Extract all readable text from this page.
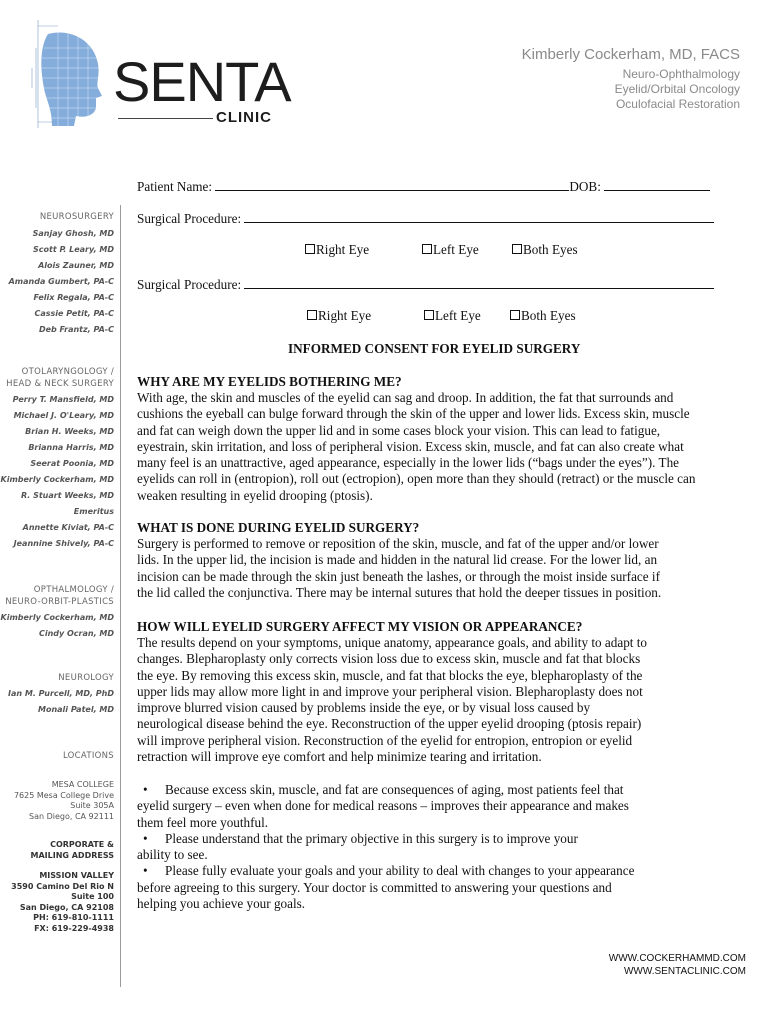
SENTA
CLINIC
Kimberly Cockerham, MD, FACS
Neuro-Ophthalmology
Eyelid/Orbital Oncology
Oculofacial Restoration
NEUROSURGERY
Sanjay Ghosh, MD
Scott P. Leary, MD
Alois Zauner, MD
Amanda Gumbert, PA-C
Felix Regala, PA-C
Cassie Petit, PA-C
Deb Frantz, PA-C
OTOLARYNGOLOGY /
HEAD & NECK SURGERY
Perry T. Mansfield, MD
Michael J. O'Leary, MD
Brian H. Weeks, MD
Brianna Harris, MD
Seerat Poonia, MD
Kimberly Cockerham, MD
R. Stuart Weeks, MD
Emeritus
Annette Kiviat, PA-C
Jeannine Shively, PA-C
OPTHALMOLOGY /
NEURO-ORBIT-PLASTICS
Kimberly Cockerham, MD
Cindy Ocran, MD
NEUROLOGY
Ian M. Purcell, MD, PhD
Monali Patel, MD
LOCATIONS
MESA COLLEGE
7625 Mesa College Drive
Suite 305A
San Diego, CA 92111
CORPORATE &
MAILING ADDRESS
MISSION VALLEY
3590 Camino Del Rio N
Suite 100
San Diego, CA 92108
PH: 619-810-1111
FX: 619-229-4938
Patient Name:	DOB:
Surgical Procedure:
Right Eye	Left Eye	Both Eyes
Surgical Procedure:
Right Eye	Left Eye	Both Eyes
INFORMED CONSENT FOR EYELID SURGERY
WHY ARE MY EYELIDS BOTHERING ME?
With age, the skin and muscles of the eyelid can sag and droop. In addition, the fat that surrounds and
cushions the eyeball can bulge forward through the skin of the upper and lower lids. Excess skin, muscle
and fat can weigh down the upper lid and in some cases block your vision. This can lead to fatigue,
eyestrain, skin irritation, and loss of peripheral vision. Excess skin, muscle, and fat can also create what
many feel is an unattractive, aged appearance, especially in the lower lids (“bags under the eyes”). The
eyelids can roll in (entropion), roll out (ectropion), open more than they should (retract) or the muscle can
weaken resulting in eyelid drooping (ptosis).
WHAT IS DONE DURING EYELID SURGERY?
Surgery is performed to remove or reposition of the skin, muscle, and fat of the upper and/or lower
lids. In the upper lid, the incision is made and hidden in the natural lid crease. For the lower lid, an
incision can be made through the skin just beneath the lashes, or through the moist inside surface if
the lid called the conjunctiva. There may be internal sutures that hold the deeper tissues in position.
HOW WILL EYELID SURGERY AFFECT MY VISION OR APPEARANCE?
The results depend on your symptoms, unique anatomy, appearance goals, and ability to adapt to
changes. Blepharoplasty only corrects vision loss due to excess skin, muscle and fat that blocks
the eye. By removing this excess skin, muscle, and fat that blocks the eye, blepharoplasty of the
upper lids may allow more light in and improve your peripheral vision. Blepharoplasty does not
improve blurred vision caused by problems inside the eye, or by visual loss caused by
neurological disease behind the eye. Reconstruction of the upper eyelid drooping (ptosis repair)
will improve peripheral vision. Reconstruction of the eyelid for entropion, entropion or eyelid
retraction will improve eye comfort and help minimize tearing and irritation.
• Because excess skin, muscle, and fat are consequences of aging, most patients feel that
eyelid surgery – even when done for medical reasons – improves their appearance and makes
them feel more youthful.
• Please understand that the primary objective in this surgery is to improve your
ability to see.
• Please fully evaluate your goals and your ability to deal with changes to your appearance
before agreeing to this surgery. Your doctor is committed to answering your questions and
helping you achieve your goals.
WWW.COCKERHAMMD.COM
WWW.SENTACLINIC.COM
